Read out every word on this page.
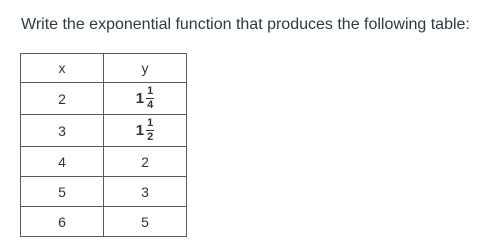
Write the exponential function that produces the following table:
x	y
2	$1 \frac{1}{4}$

3	$1 \frac{1}{2}$

4	2
5	3
6	5
